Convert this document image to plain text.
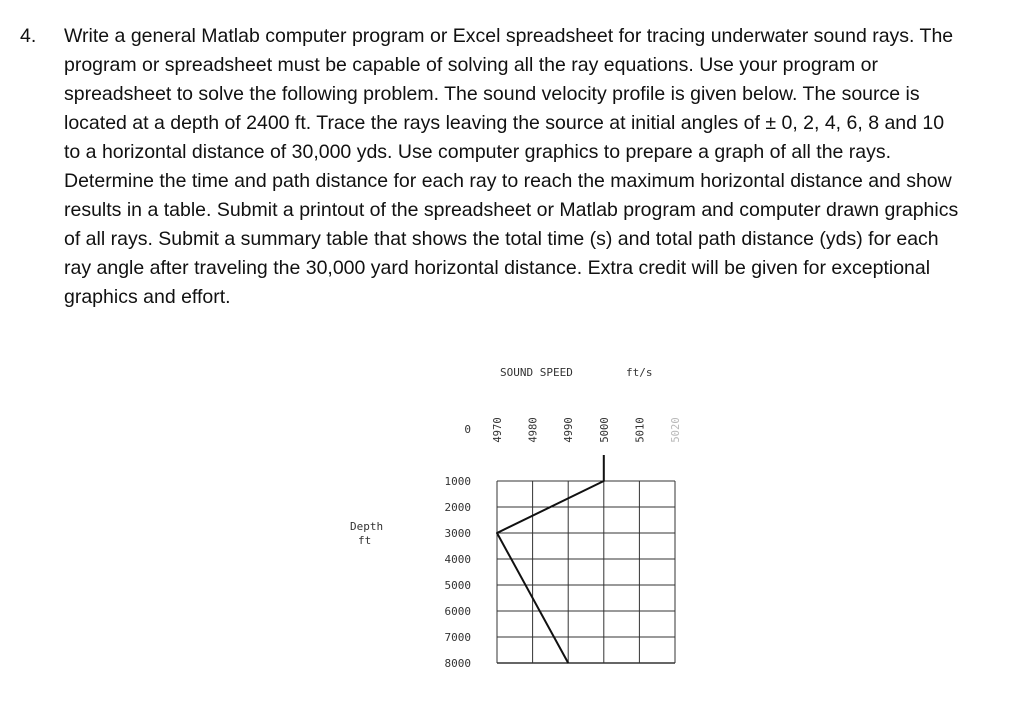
4.	Write a general Matlab computer program or Excel spreadsheet for tracing underwater sound rays. The program or spreadsheet must be capable of solving all the ray equations. Use your program or spreadsheet to solve the following problem. The sound velocity profile is given below. The source is located at a depth of 2400 ft. Trace the rays leaving the source at initial angles of ± 0, 2, 4, 6, 8 and 10 to a horizontal distance of 30,000 yds. Use computer graphics to prepare a graph of all the rays. Determine the time and path distance for each ray to reach the maximum horizontal distance and show results in a table. Submit a printout of the spreadsheet or Matlab program and computer drawn graphics of all rays. Submit a summary table that shows the total time (s) and total path distance (yds) for each ray angle after traveling the 30,000 yard horizontal distance. Extra credit will be given for exceptional graphics and effort.

SOUND SPEED	ft/s
Depth
ft
4970 4980 4990 5000 5010 5020
0
1000
2000
3000
4000
5000
6000
7000
8000
